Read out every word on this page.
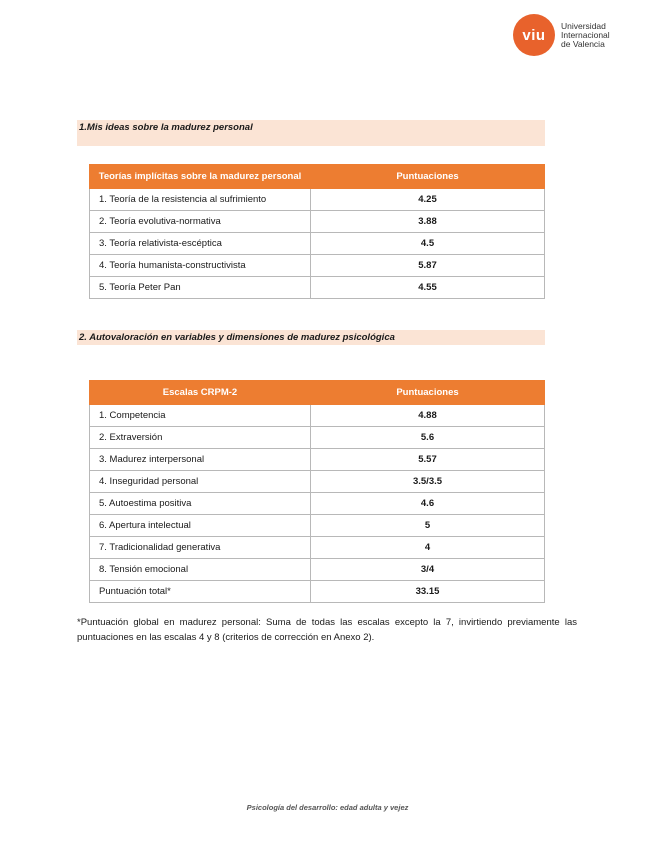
viu
Universidad
Internacional
de Valencia
1.Mis ideas sobre la madurez personal
Teorías implícitas sobre la madurez personal	Puntuaciones
1. Teoría de la resistencia al sufrimiento	4.25
2. Teoría evolutiva-normativa	3.88
3. Teoría relativista-escéptica	4.5
4. Teoría humanista-constructivista	5.87
5. Teoría Peter Pan	4.55
2. Autovaloración en variables y dimensiones de madurez psicológica
Escalas CRPM-2	Puntuaciones
1. Competencia	4.88
2. Extraversión	5.6
3. Madurez interpersonal	5.57
4. Inseguridad personal	3.5/3.5
5. Autoestima positiva	4.6
6. Apertura intelectual	5
7. Tradicionalidad generativa	4
8. Tensión emocional	3/4
Puntuación total*	33.15
*Puntuación global en madurez personal: Suma de todas las escalas excepto la 7, invirtiendo previamente las puntuaciones en las escalas 4 y 8 (criterios de corrección en Anexo 2).
Psicología del desarrollo: edad adulta y vejez
